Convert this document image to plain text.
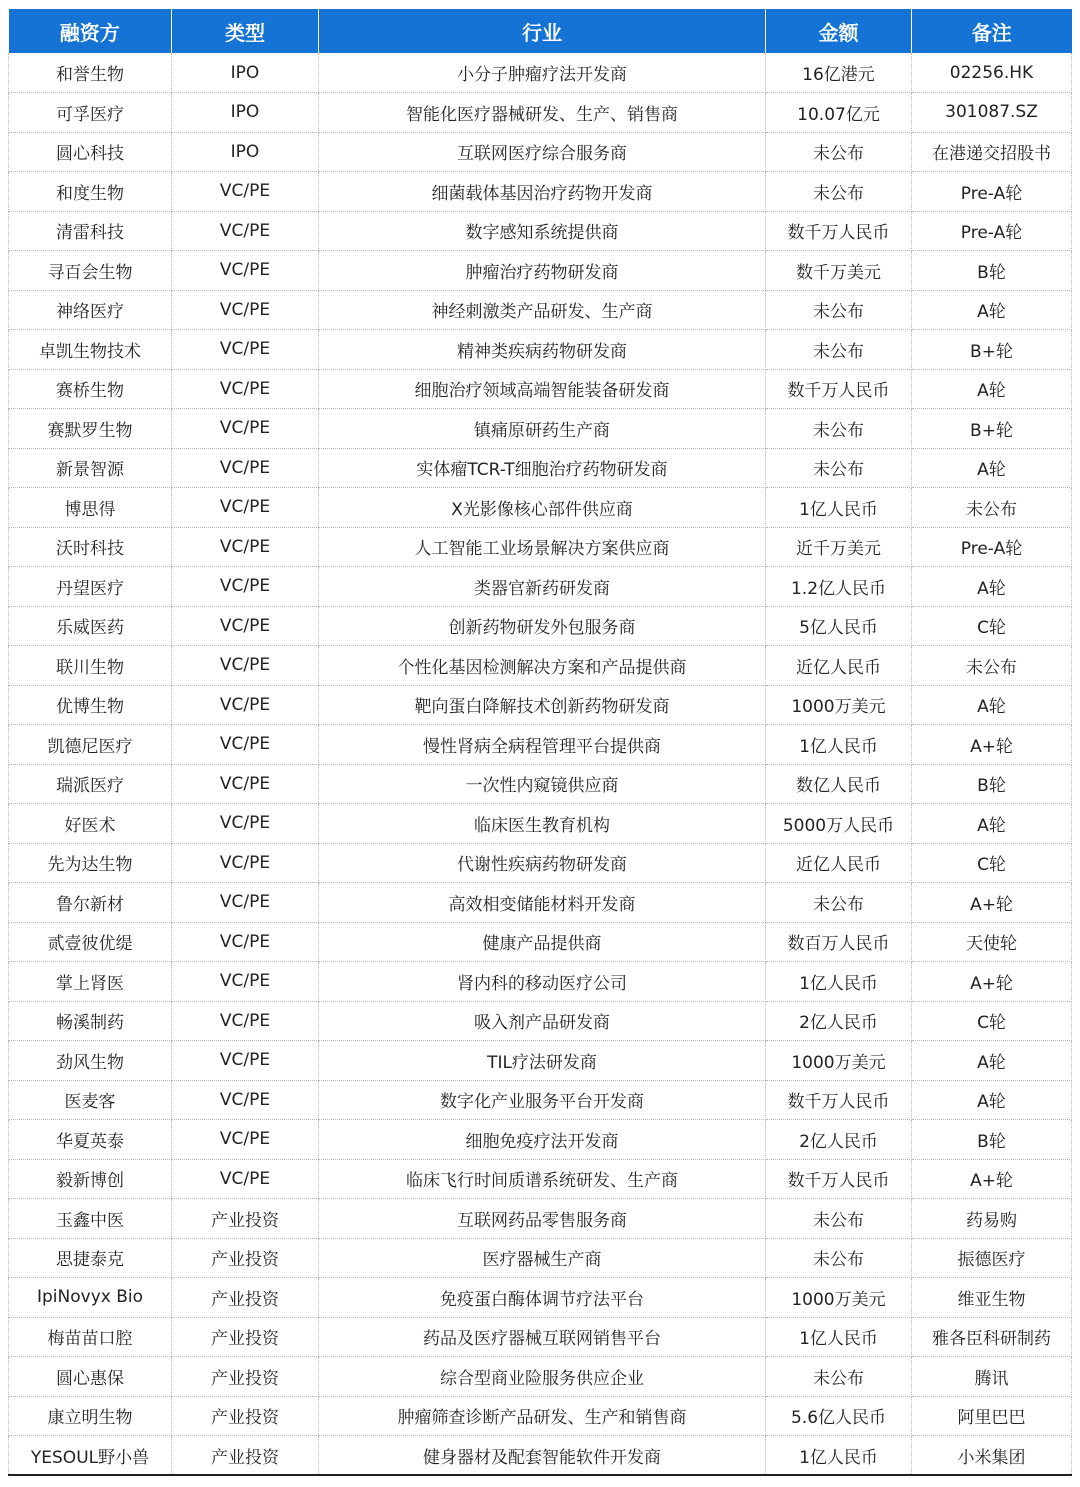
融资方	类型	行业	金额	备注
和誉生物	IPO	小分子肿瘤疗法开发商	16亿港元	02256.HK
可孚医疗	IPO	智能化医疗器械研发、生产、销售商	10.07亿元	301087.SZ
圆心科技	IPO	互联网医疗综合服务商	未公布	在港递交招股书
和度生物	VC/PE	细菌载体基因治疗药物开发商	未公布	Pre-A轮
清雷科技	VC/PE	数字感知系统提供商	数千万人民币	Pre-A轮
寻百会生物	VC/PE	肿瘤治疗药物研发商	数千万美元	B轮
神络医疗	VC/PE	神经刺激类产品研发、生产商	未公布	A轮
卓凯生物技术	VC/PE	精神类疾病药物研发商	未公布	B+轮
赛桥生物	VC/PE	细胞治疗领域高端智能装备研发商	数千万人民币	A轮
赛默罗生物	VC/PE	镇痛原研药生产商	未公布	B+轮
新景智源	VC/PE	实体瘤TCR-T细胞治疗药物研发商	未公布	A轮
博思得	VC/PE	X光影像核心部件供应商	1亿人民币	未公布
沃时科技	VC/PE	人工智能工业场景解决方案供应商	近千万美元	Pre-A轮
丹望医疗	VC/PE	类器官新药研发商	1.2亿人民币	A轮
乐威医药	VC/PE	创新药物研发外包服务商	5亿人民币	C轮
联川生物	VC/PE	个性化基因检测解决方案和产品提供商	近亿人民币	未公布
优博生物	VC/PE	靶向蛋白降解技术创新药物研发商	1000万美元	A轮
凯德尼医疗	VC/PE	慢性肾病全病程管理平台提供商	1亿人民币	A+轮
瑞派医疗	VC/PE	一次性内窥镜供应商	数亿人民币	B轮
好医术	VC/PE	临床医生教育机构	5000万人民币	A轮
先为达生物	VC/PE	代谢性疾病药物研发商	近亿人民币	C轮
鲁尔新材	VC/PE	高效相变储能材料开发商	未公布	A+轮
贰壹彼优缇	VC/PE	健康产品提供商	数百万人民币	天使轮
掌上肾医	VC/PE	肾内科的移动医疗公司	1亿人民币	A+轮
畅溪制药	VC/PE	吸入剂产品研发商	2亿人民币	C轮
劲风生物	VC/PE	TIL疗法研发商	1000万美元	A轮
医麦客	VC/PE	数字化产业服务平台开发商	数千万人民币	A轮
华夏英泰	VC/PE	细胞免疫疗法开发商	2亿人民币	B轮
毅新博创	VC/PE	临床飞行时间质谱系统研发、生产商	数千万人民币	A+轮
玉鑫中医	产业投资	互联网药品零售服务商	未公布	药易购
思捷泰克	产业投资	医疗器械生产商	未公布	振德医疗
IpiNovyx Bio	产业投资	免疫蛋白酶体调节疗法平台	1000万美元	维亚生物
梅苗苗口腔	产业投资	药品及医疗器械互联网销售平台	1亿人民币	雅各臣科研制药
圆心惠保	产业投资	综合型商业险服务供应企业	未公布	腾讯
康立明生物	产业投资	肿瘤筛查诊断产品研发、生产和销售商	5.6亿人民币	阿里巴巴
YESOUL野小兽	产业投资	健身器材及配套智能软件开发商	1亿人民币	小米集团
